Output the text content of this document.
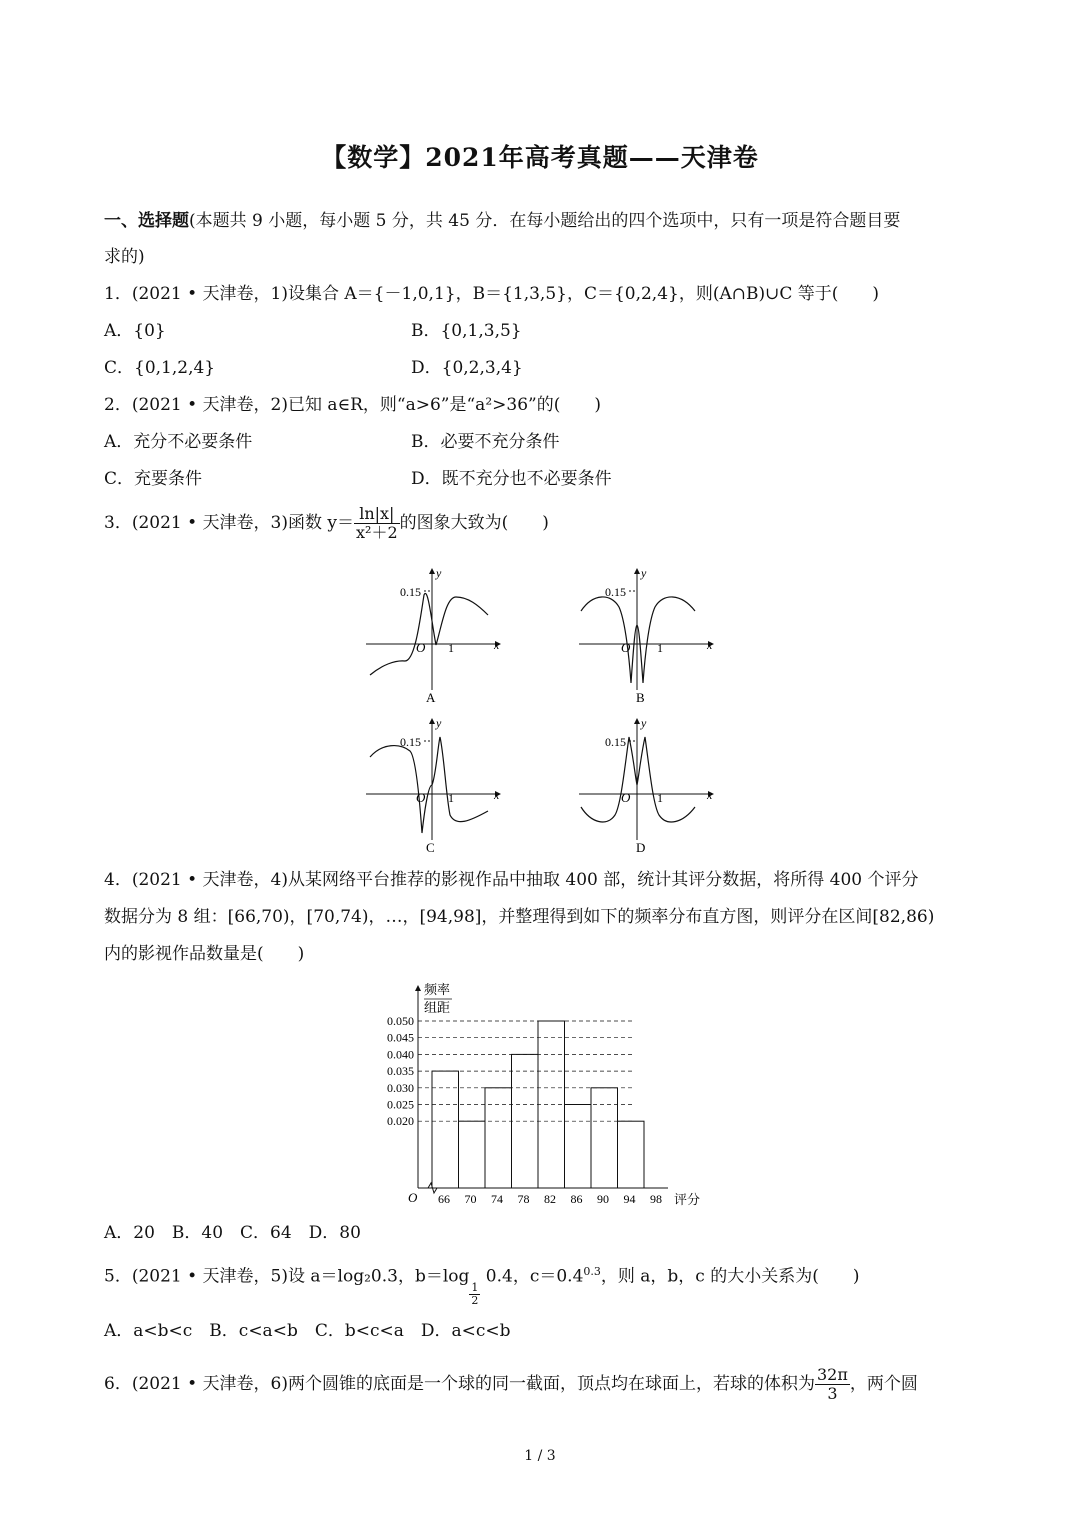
【数学】2021年高考真题——天津卷
一、选择题(本题共 9 小题，每小题 5 分，共 45 分．在每小题给出的四个选项中，只有一项是符合题目要
求的)
1．(2021 • 天津卷，1)设集合 A＝{－1,0,1}，B＝{1,3,5}，C＝{0,2,4}，则(A∩B)∪C 等于(　　)
A．{0}	B．{0,1,3,5}
C．{0,1,2,4}	D．{0,2,3,4}
2．(2021 • 天津卷，2)已知 a∈R，则“a>6”是“a²>36”的(　　)
A．充分不必要条件	B．必要不充分条件
C．充要条件	D．既不充分也不必要条件
3．(2021 • 天津卷，3)函数 $y= \frac{\ln|x|}{\text{x²＋2}}$ 的图象大致为(　　)
0.15
y
O 1	x
A
0.15
y
O 1	x
B
0.15
y
O 1	x
C
0.15
y
O 1	x
D
4．(2021 • 天津卷，4)从某网络平台推荐的影视作品中抽取 400 部，统计其评分数据，将所得 400 个评分
数据分为 8 组：[66,70)，[70,74)，…，[94,98]，并整理得到如下的频率分布直方图，则评分在区间[82,86)
内的影视作品数量是(　　)
频率
组距
O	评分
0.050
0.045
0.040
0.035
0.030
0.025
0.020
66 70 74 78 82 86 90 94 98
A．20　B．40　C．64　D．80
5．(2021 • 天津卷，5)设 a＝log₂0.3，b＝log
$\frac{1}{2}$
0.4，$c=0.4^{0.3}$，则 a，b，c 的大小关系为(　　)
A．a<b<c　B．c<a<b　C．b<c<a　D．a<c<b
6．(2021 • 天津卷，6)两个圆锥的底面是一个球的同一截面，顶点均在球面上，若球的体积为 $\frac{32\pi}{3}$ ，两个圆
1 / 3
